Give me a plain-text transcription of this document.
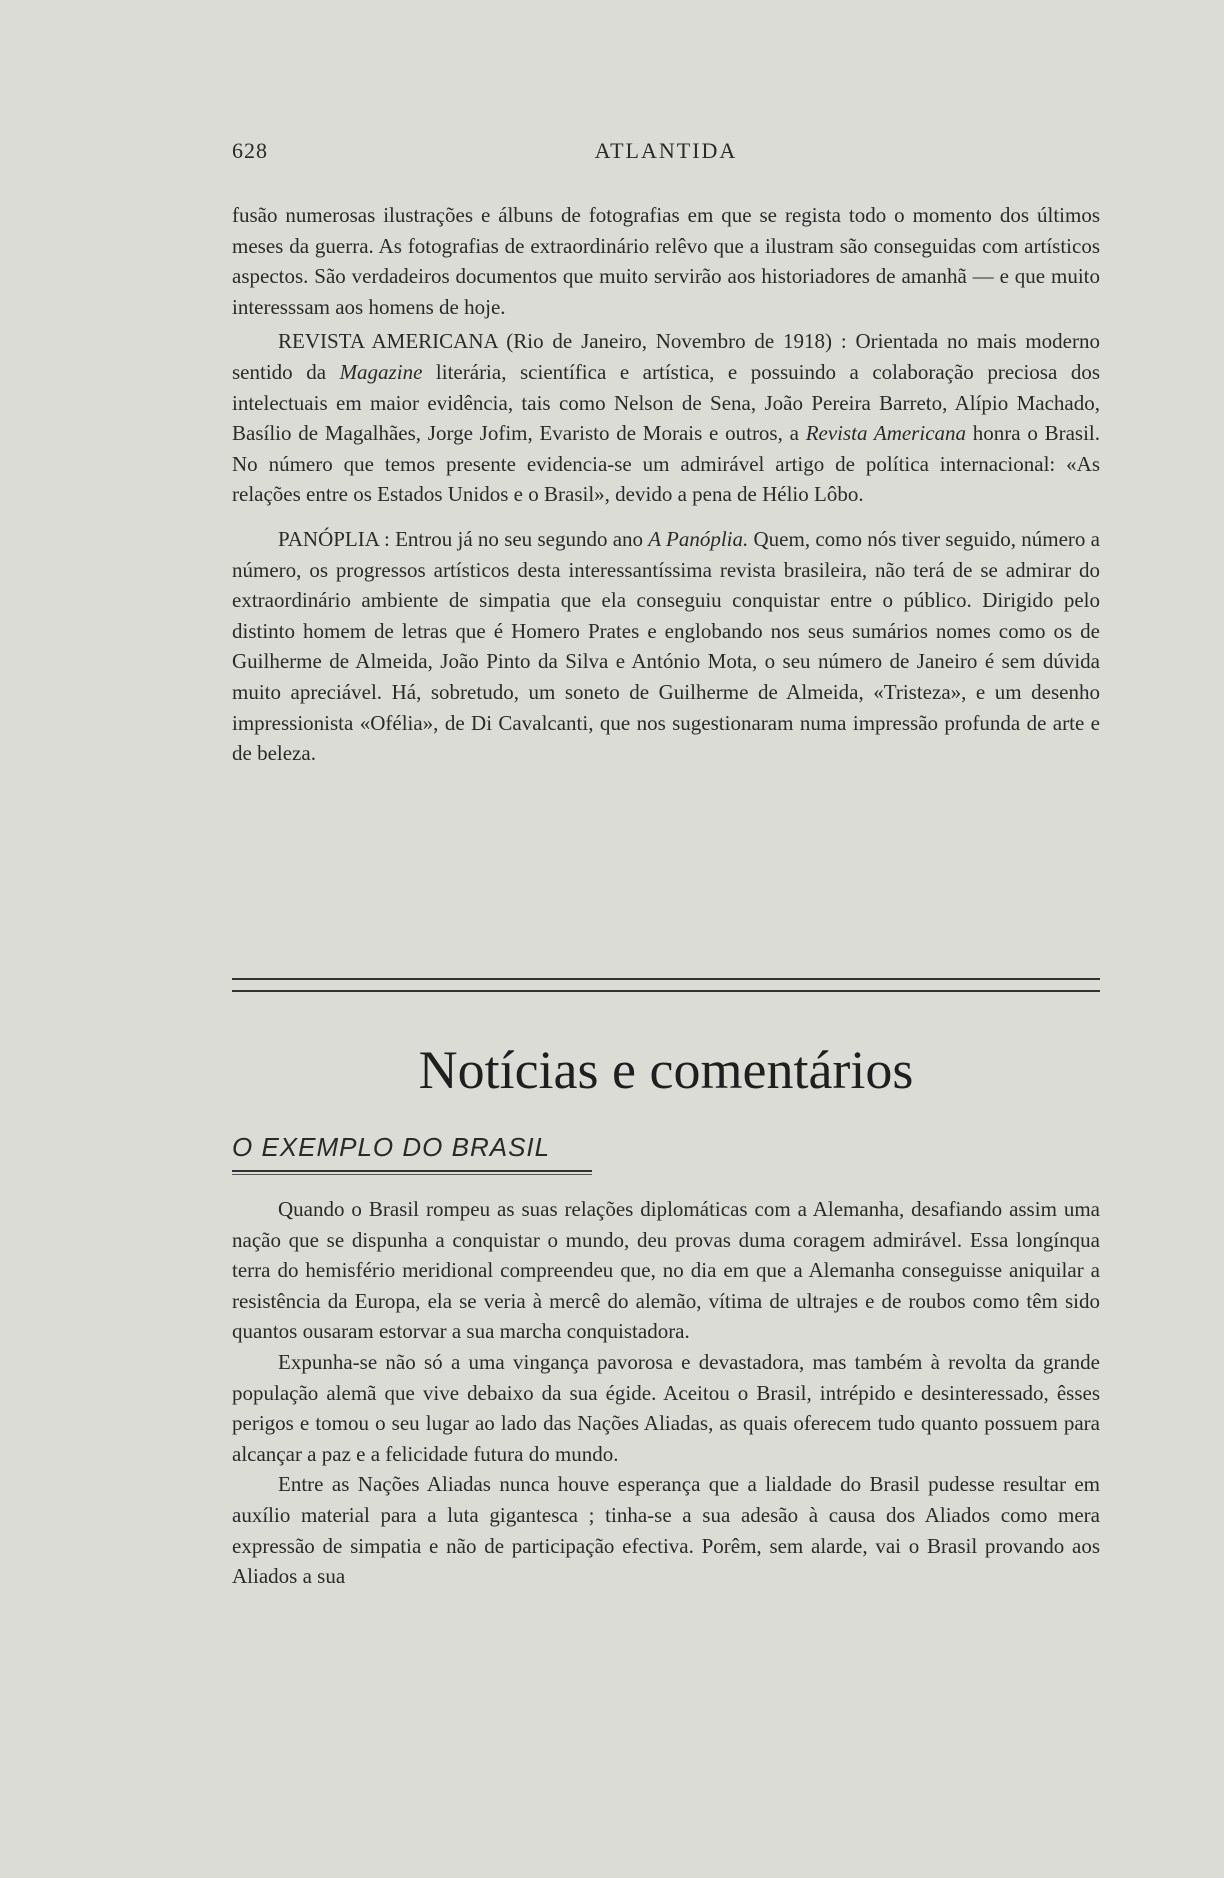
628	ATLANTIDA

fusão numerosas ilustrações e álbuns de fotografias em que se regista todo o momento dos últimos meses da guerra. As fotografias de extraordinário relêvo que a ilustram são conseguidas com artísticos aspectos. São verdadeiros documentos que muito servirão aos historiadores de amanhã — e que muito interesssam aos homens de hoje.

REVISTA AMERICANA (Rio de Janeiro, Novembro de 1918) : Orientada no mais moderno sentido da Magazine literária, scientífica e artística, e possuindo a colaboração preciosa dos intelectuais em maior evidência, tais como Nelson de Sena, João Pereira Barreto, Alípio Machado, Basílio de Magalhães, Jorge Jofim, Evaristo de Morais e outros, a Revista Americana honra o Brasil. No número que temos presente evidencia-se um admirável artigo de política internacional: «As relações entre os Estados Unidos e o Brasil», devido a pena de Hélio Lôbo.

PANÓPLIA : Entrou já no seu segundo ano A Panóplia. Quem, como nós tiver seguido, número a número, os progressos artísticos desta interessantíssima revista brasileira, não terá de se admirar do extraordinário ambiente de simpatia que ela conseguiu conquistar entre o público. Dirigido pelo distinto homem de letras que é Homero Prates e englobando nos seus sumários nomes como os de Guilherme de Almeida, João Pinto da Silva e António Mota, o seu número de Janeiro é sem dúvida muito apreciável. Há, sobretudo, um soneto de Guilherme de Almeida, «Tristeza», e um desenho impressionista «Ofélia», de Di Cavalcanti, que nos sugestionaram numa impressão profunda de arte e de beleza.

Notícias e comentários
O EXEMPLO DO BRASIL

Quando o Brasil rompeu as suas relações diplomáticas com a Alemanha, desafiando assim uma nação que se dispunha a conquistar o mundo, deu provas duma coragem admirável. Essa longínqua terra do hemisfério meridional compreendeu que, no dia em que a Alemanha conseguisse aniquilar a resistência da Europa, ela se veria à mercê do alemão, vítima de ultrajes e de roubos como têm sido quantos ousaram estorvar a sua marcha conquistadora.

Expunha-se não só a uma vingança pavorosa e devastadora, mas também à revolta da grande população alemã que vive debaixo da sua égide. Aceitou o Brasil, intrépido e desinteressado, êsses perigos e tomou o seu lugar ao lado das Nações Aliadas, as quais oferecem tudo quanto possuem para alcançar a paz e a felicidade futura do mundo.

Entre as Nações Aliadas nunca houve esperança que a lialdade do Brasil pudesse resultar em auxílio material para a luta gigantesca ; tinha-se a sua adesão à causa dos Aliados como mera expressão de simpatia e não de participação efectiva. Porêm, sem alarde, vai o Brasil provando aos Aliados a sua
